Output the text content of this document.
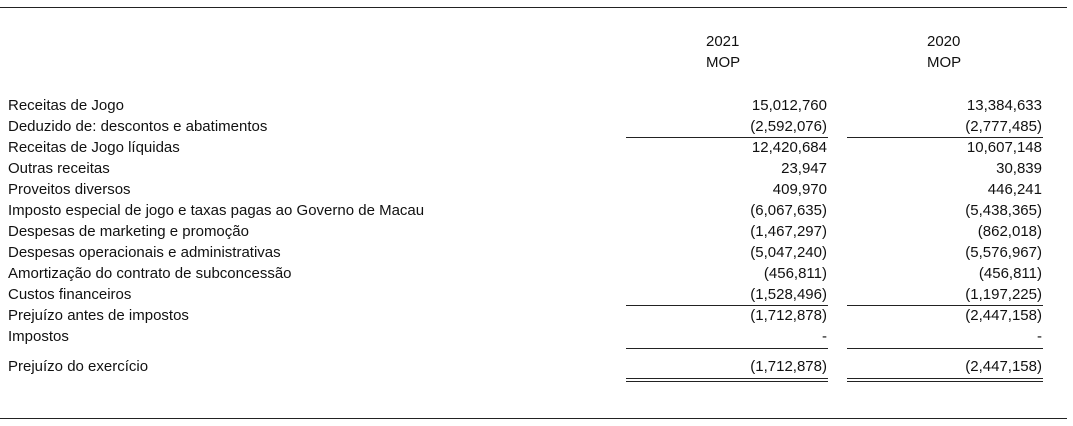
2021
MOP
2020
MOP
Receitas de Jogo	15,012,760	13,384,633
Deduzido de: descontos e abatimentos	(2,592,076)	(2,777,485)
Receitas de Jogo líquidas	12,420,684	10,607,148
Outras receitas	23,947	30,839
Proveitos diversos	409,970	446,241
Imposto especial de jogo e taxas pagas ao Governo de Macau	(6,067,635)	(5,438,365)
Despesas de marketing e promoção	(1,467,297)	(862,018)
Despesas operacionais e administrativas	(5,047,240)	(5,576,967)
Amortização do contrato de subconcessão	(456,811)	(456,811)
Custos financeiros	(1,528,496)	(1,197,225)
Prejuízo antes de impostos	(1,712,878)	(2,447,158)
Impostos	-	-
Prejuízo do exercício	(1,712,878)	(2,447,158)
